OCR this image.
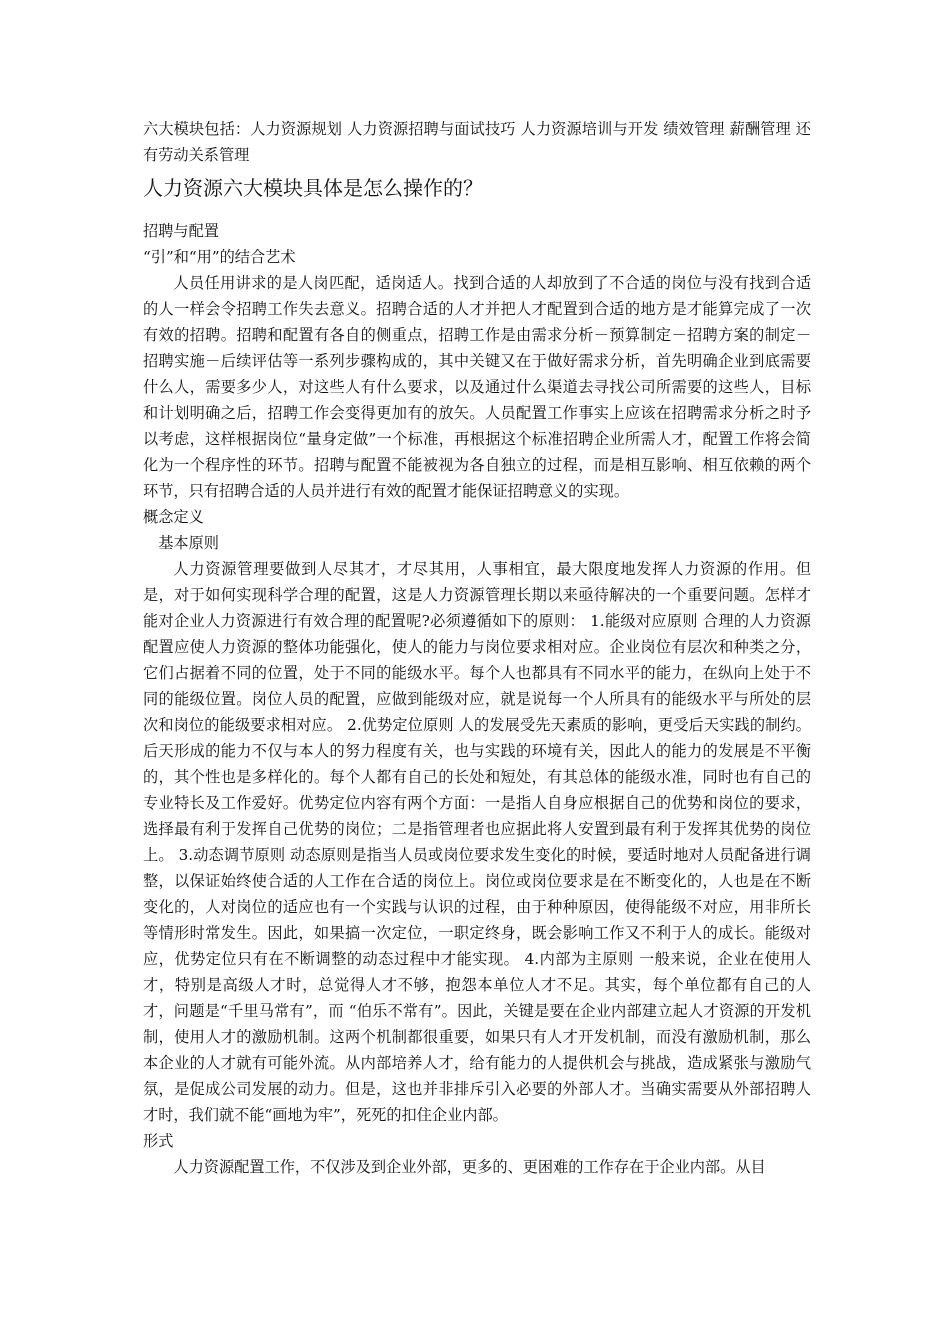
六大模块包括：人力资源规划 人力资源招聘与面试技巧 人力资源培训与开发 绩效管理 薪酬管理 还有劳动关系管理

人力资源六大模块具体是怎么操作的？

招聘与配置

“引”和“用”的结合艺术

人员任用讲求的是人岗匹配，适岗适人。找到合适的人却放到了不合适的岗位与没有找到合适的人一样会令招聘工作失去意义。招聘合适的人才并把人才配置到合适的地方是才能算完成了一次有效的招聘。招聘和配置有各自的侧重点，招聘工作是由需求分析－预算制定－招聘方案的制定－招聘实施－后续评估等一系列步骤构成的，其中关键又在于做好需求分析，首先明确企业到底需要什么人，需要多少人，对这些人有什么要求，以及通过什么渠道去寻找公司所需要的这些人，目标和计划明确之后，招聘工作会变得更加有的放矢。人员配置工作事实上应该在招聘需求分析之时予以考虑，这样根据岗位“量身定做”一个标准，再根据这个标准招聘企业所需人才，配置工作将会简化为一个程序性的环节。招聘与配置不能被视为各自独立的过程，而是相互影响、相互依赖的两个环节，只有招聘合适的人员并进行有效的配置才能保证招聘意义的实现。

概念定义

基本原则

人力资源管理要做到人尽其才，才尽其用，人事相宜，最大限度地发挥人力资源的作用。但是，对于如何实现科学合理的配置，这是人力资源管理长期以来亟待解决的一个重要问题。怎样才能对企业人力资源进行有效合理的配置呢?必须遵循如下的原则： 1.能级对应原则 合理的人力资源配置应使人力资源的整体功能强化，使人的能力与岗位要求相对应。企业岗位有层次和种类之分，它们占据着不同的位置，处于不同的能级水平。每个人也都具有不同水平的能力，在纵向上处于不同的能级位置。岗位人员的配置，应做到能级对应，就是说每一个人所具有的能级水平与所处的层次和岗位的能级要求相对应。 2.优势定位原则 人的发展受先天素质的影响，更受后天实践的制约。后天形成的能力不仅与本人的努力程度有关，也与实践的环境有关，因此人的能力的发展是不平衡的，其个性也是多样化的。每个人都有自己的长处和短处，有其总体的能级水准，同时也有自己的专业特长及工作爱好。优势定位内容有两个方面：一是指人自身应根据自己的优势和岗位的要求，选择最有利于发挥自己优势的岗位；二是指管理者也应据此将人安置到最有利于发挥其优势的岗位上。 3.动态调节原则 动态原则是指当人员或岗位要求发生变化的时候，要适时地对人员配备进行调整，以保证始终使合适的人工作在合适的岗位上。岗位或岗位要求是在不断变化的，人也是在不断变化的，人对岗位的适应也有一个实践与认识的过程，由于种种原因，使得能级不对应，用非所长等情形时常发生。因此，如果搞一次定位，一职定终身，既会影响工作又不利于人的成长。能级对应，优势定位只有在不断调整的动态过程中才能实现。 4.内部为主原则 一般来说，企业在使用人才，特别是高级人才时，总觉得人才不够，抱怨本单位人才不足。其实，每个单位都有自己的人才，问题是“千里马常有”，而 “伯乐不常有”。因此，关键是要在企业内部建立起人才资源的开发机制，使用人才的激励机制。这两个机制都很重要，如果只有人才开发机制，而没有激励机制，那么本企业的人才就有可能外流。从内部培养人才，给有能力的人提供机会与挑战，造成紧张与激励气氛，是促成公司发展的动力。但是，这也并非排斥引入必要的外部人才。当确实需要从外部招聘人才时，我们就不能“画地为牢”，死死的扣住企业内部。

形式

人力资源配置工作，不仅涉及到企业外部，更多的、更困难的工作存在于企业内部。从目
